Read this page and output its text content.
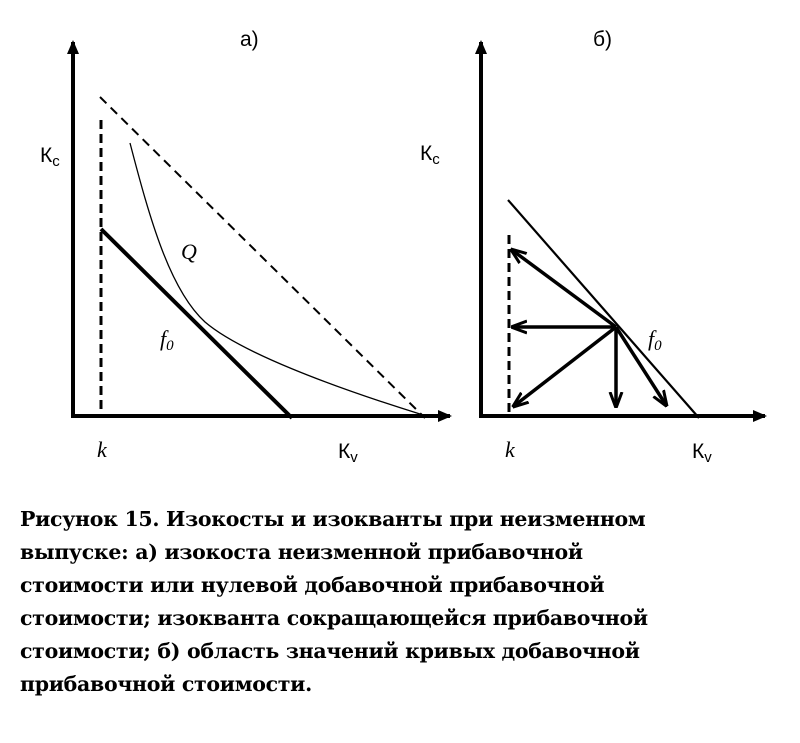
а)
Кс
Кv
k
Q
f0
б)
Кс
Кv
k
f0

Рисунок 15. Изокосты и изокванты при неизменном
выпуске: а) изокоста неизменной прибавочной
стоимости или нулевой добавочной прибавочной
стоимости; изокванта сокращающейся прибавочной
стоимости; б) область значений кривых добавочной
прибавочной стоимости.
